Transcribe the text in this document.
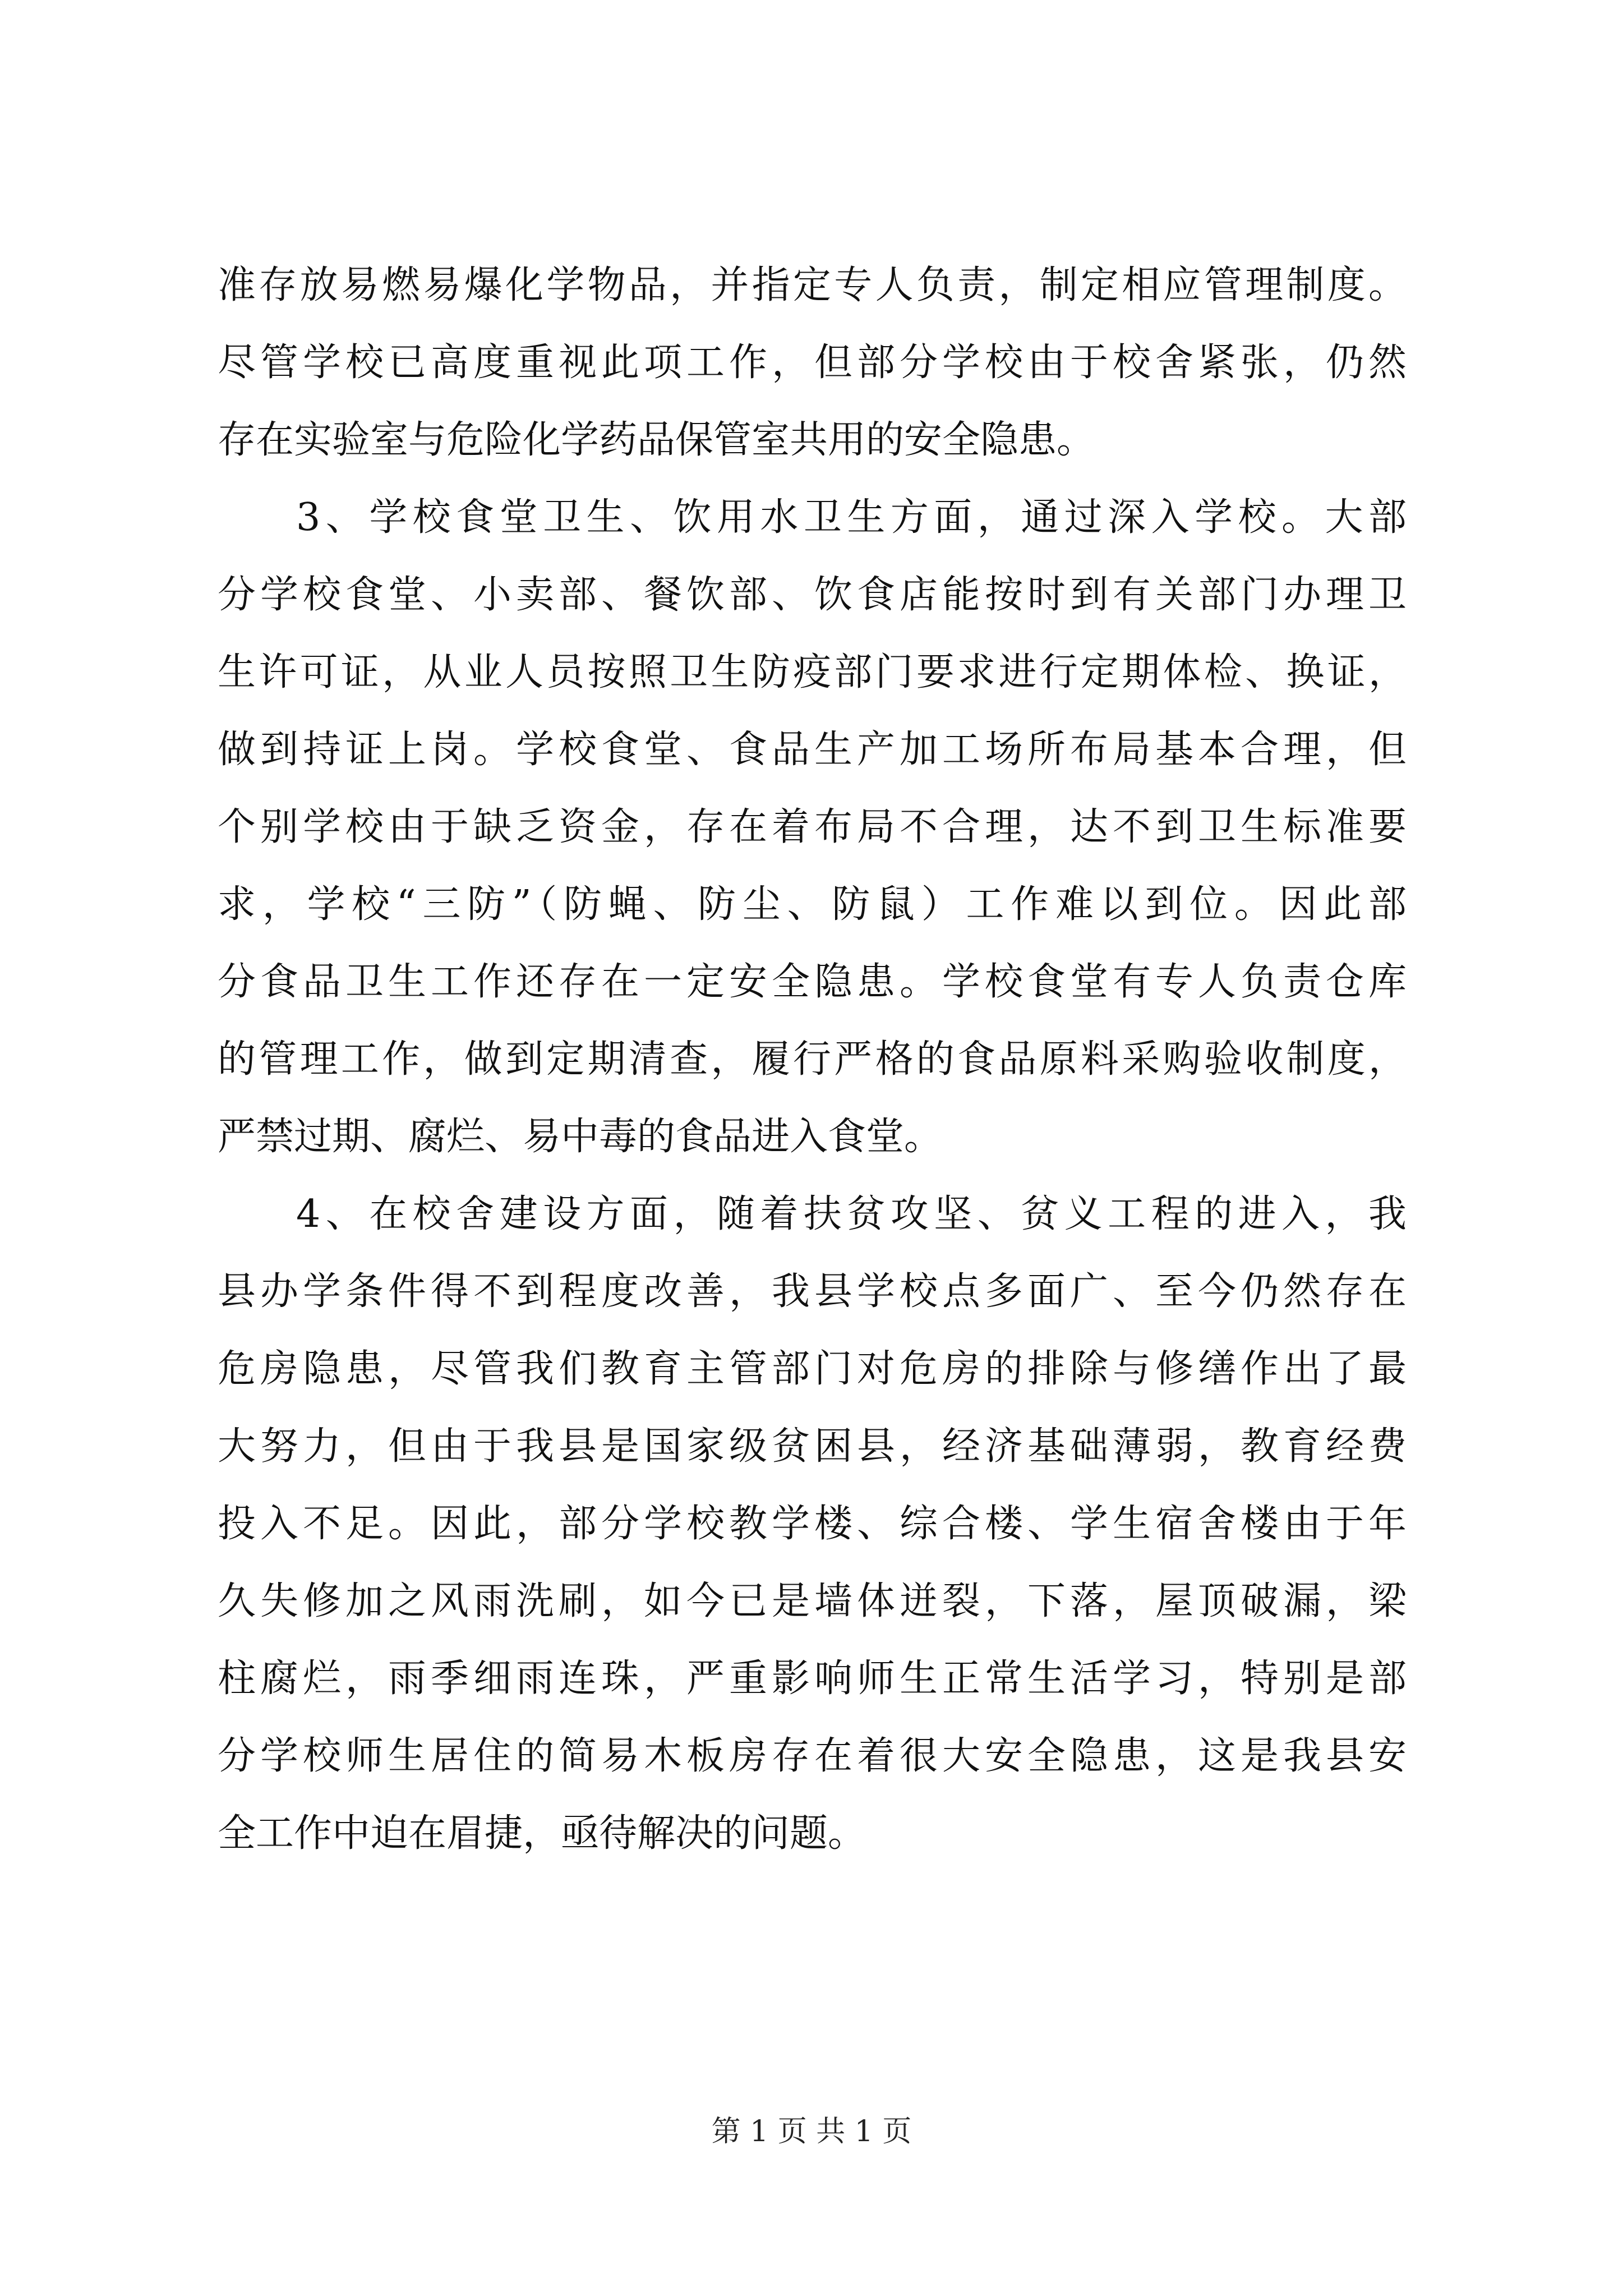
准存放易燃易爆化学物品，并指定专人负责，制定相应管理制度。
尽管学校已高度重视此项工作，但部分学校由于校舍紧张，仍然
存在实验室与危险化学药品保管室共用的安全隐患。
3、学校食堂卫生、饮用水卫生方面，通过深入学校。大部
分学校食堂、小卖部、餐饮部、饮食店能按时到有关部门办理卫
生许可证，从业人员按照卫生防疫部门要求进行定期体检、换证，
做到持证上岗。学校食堂、食品生产加工场所布局基本合理，但
个别学校由于缺乏资金，存在着布局不合理，达不到卫生标准要
求，学校“三防”（防蝇、防尘、防鼠）工作难以到位。因此部
分食品卫生工作还存在一定安全隐患。学校食堂有专人负责仓库
的管理工作，做到定期清查，履行严格的食品原料采购验收制度，
严禁过期、腐烂、易中毒的食品进入食堂。
4、在校舍建设方面，随着扶贫攻坚、贫义工程的进入，我
县办学条件得不到程度改善，我县学校点多面广、至今仍然存在
危房隐患，尽管我们教育主管部门对危房的排除与修缮作出了最
大努力，但由于我县是国家级贫困县，经济基础薄弱，教育经费
投入不足。因此，部分学校教学楼、综合楼、学生宿舍楼由于年
久失修加之风雨洗刷，如今已是墙体迸裂，下落，屋顶破漏，梁
柱腐烂，雨季细雨连珠，严重影响师生正常生活学习，特别是部
分学校师生居住的简易木板房存在着很大安全隐患，这是我县安
全工作中迫在眉捷，亟待解决的问题。
第 1 页 共 1 页
